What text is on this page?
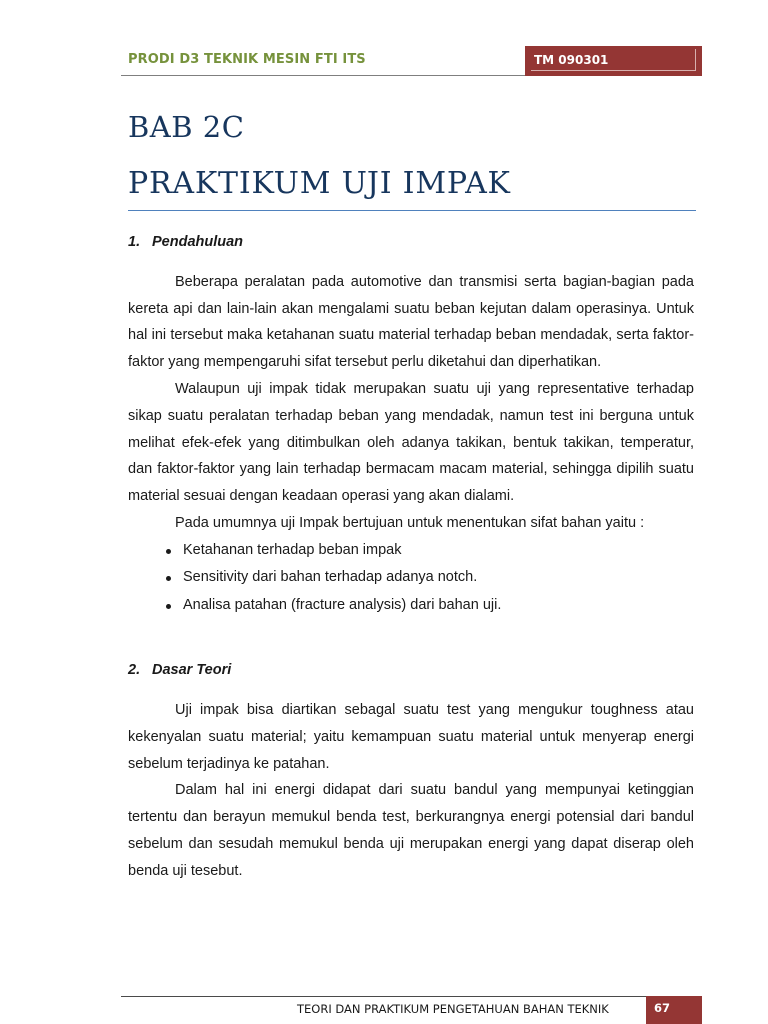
PRODI D3 TEKNIK MESIN FTI ITS	TM 090301
BAB 2C
PRAKTIKUM UJI IMPAK
1. Pendahuluan

Beberapa peralatan pada automotive dan transmisi serta bagian-bagian pada kereta api dan lain-lain akan mengalami suatu beban kejutan dalam operasinya. Untuk hal ini tersebut maka ketahanan suatu material terhadap beban mendadak, serta faktor-faktor yang mempengaruhi sifat tersebut perlu diketahui dan diperhatikan.

Walaupun uji impak tidak merupakan suatu uji yang representative terhadap sikap suatu peralatan terhadap beban yang mendadak, namun test ini berguna untuk melihat efek-efek yang ditimbulkan oleh adanya takikan, bentuk takikan, temperatur, dan faktor-faktor yang lain terhadap bermacam macam material, sehingga dipilih suatu material sesuai dengan keadaan operasi yang akan dialami.

Pada umumnya uji Impak bertujuan untuk menentukan sifat bahan yaitu :

Ketahanan terhadap beban impak
Sensitivity dari bahan terhadap adanya notch.
Analisa patahan (fracture analysis) dari bahan uji.
2. Dasar Teori

Uji impak bisa diartikan sebagal suatu test yang mengukur toughness atau kekenyalan suatu material; yaitu kemampuan suatu material untuk menyerap energi sebelum terjadinya ke patahan.

Dalam hal ini energi didapat dari suatu bandul yang mempunyai ketinggian tertentu dan berayun memukul benda test, berkurangnya energi potensial dari bandul sebelum dan sesudah memukul benda uji merupakan energi yang dapat diserap oleh benda uji tesebut.

TEORI DAN PRAKTIKUM PENGETAHUAN BAHAN TEKNIK	67
